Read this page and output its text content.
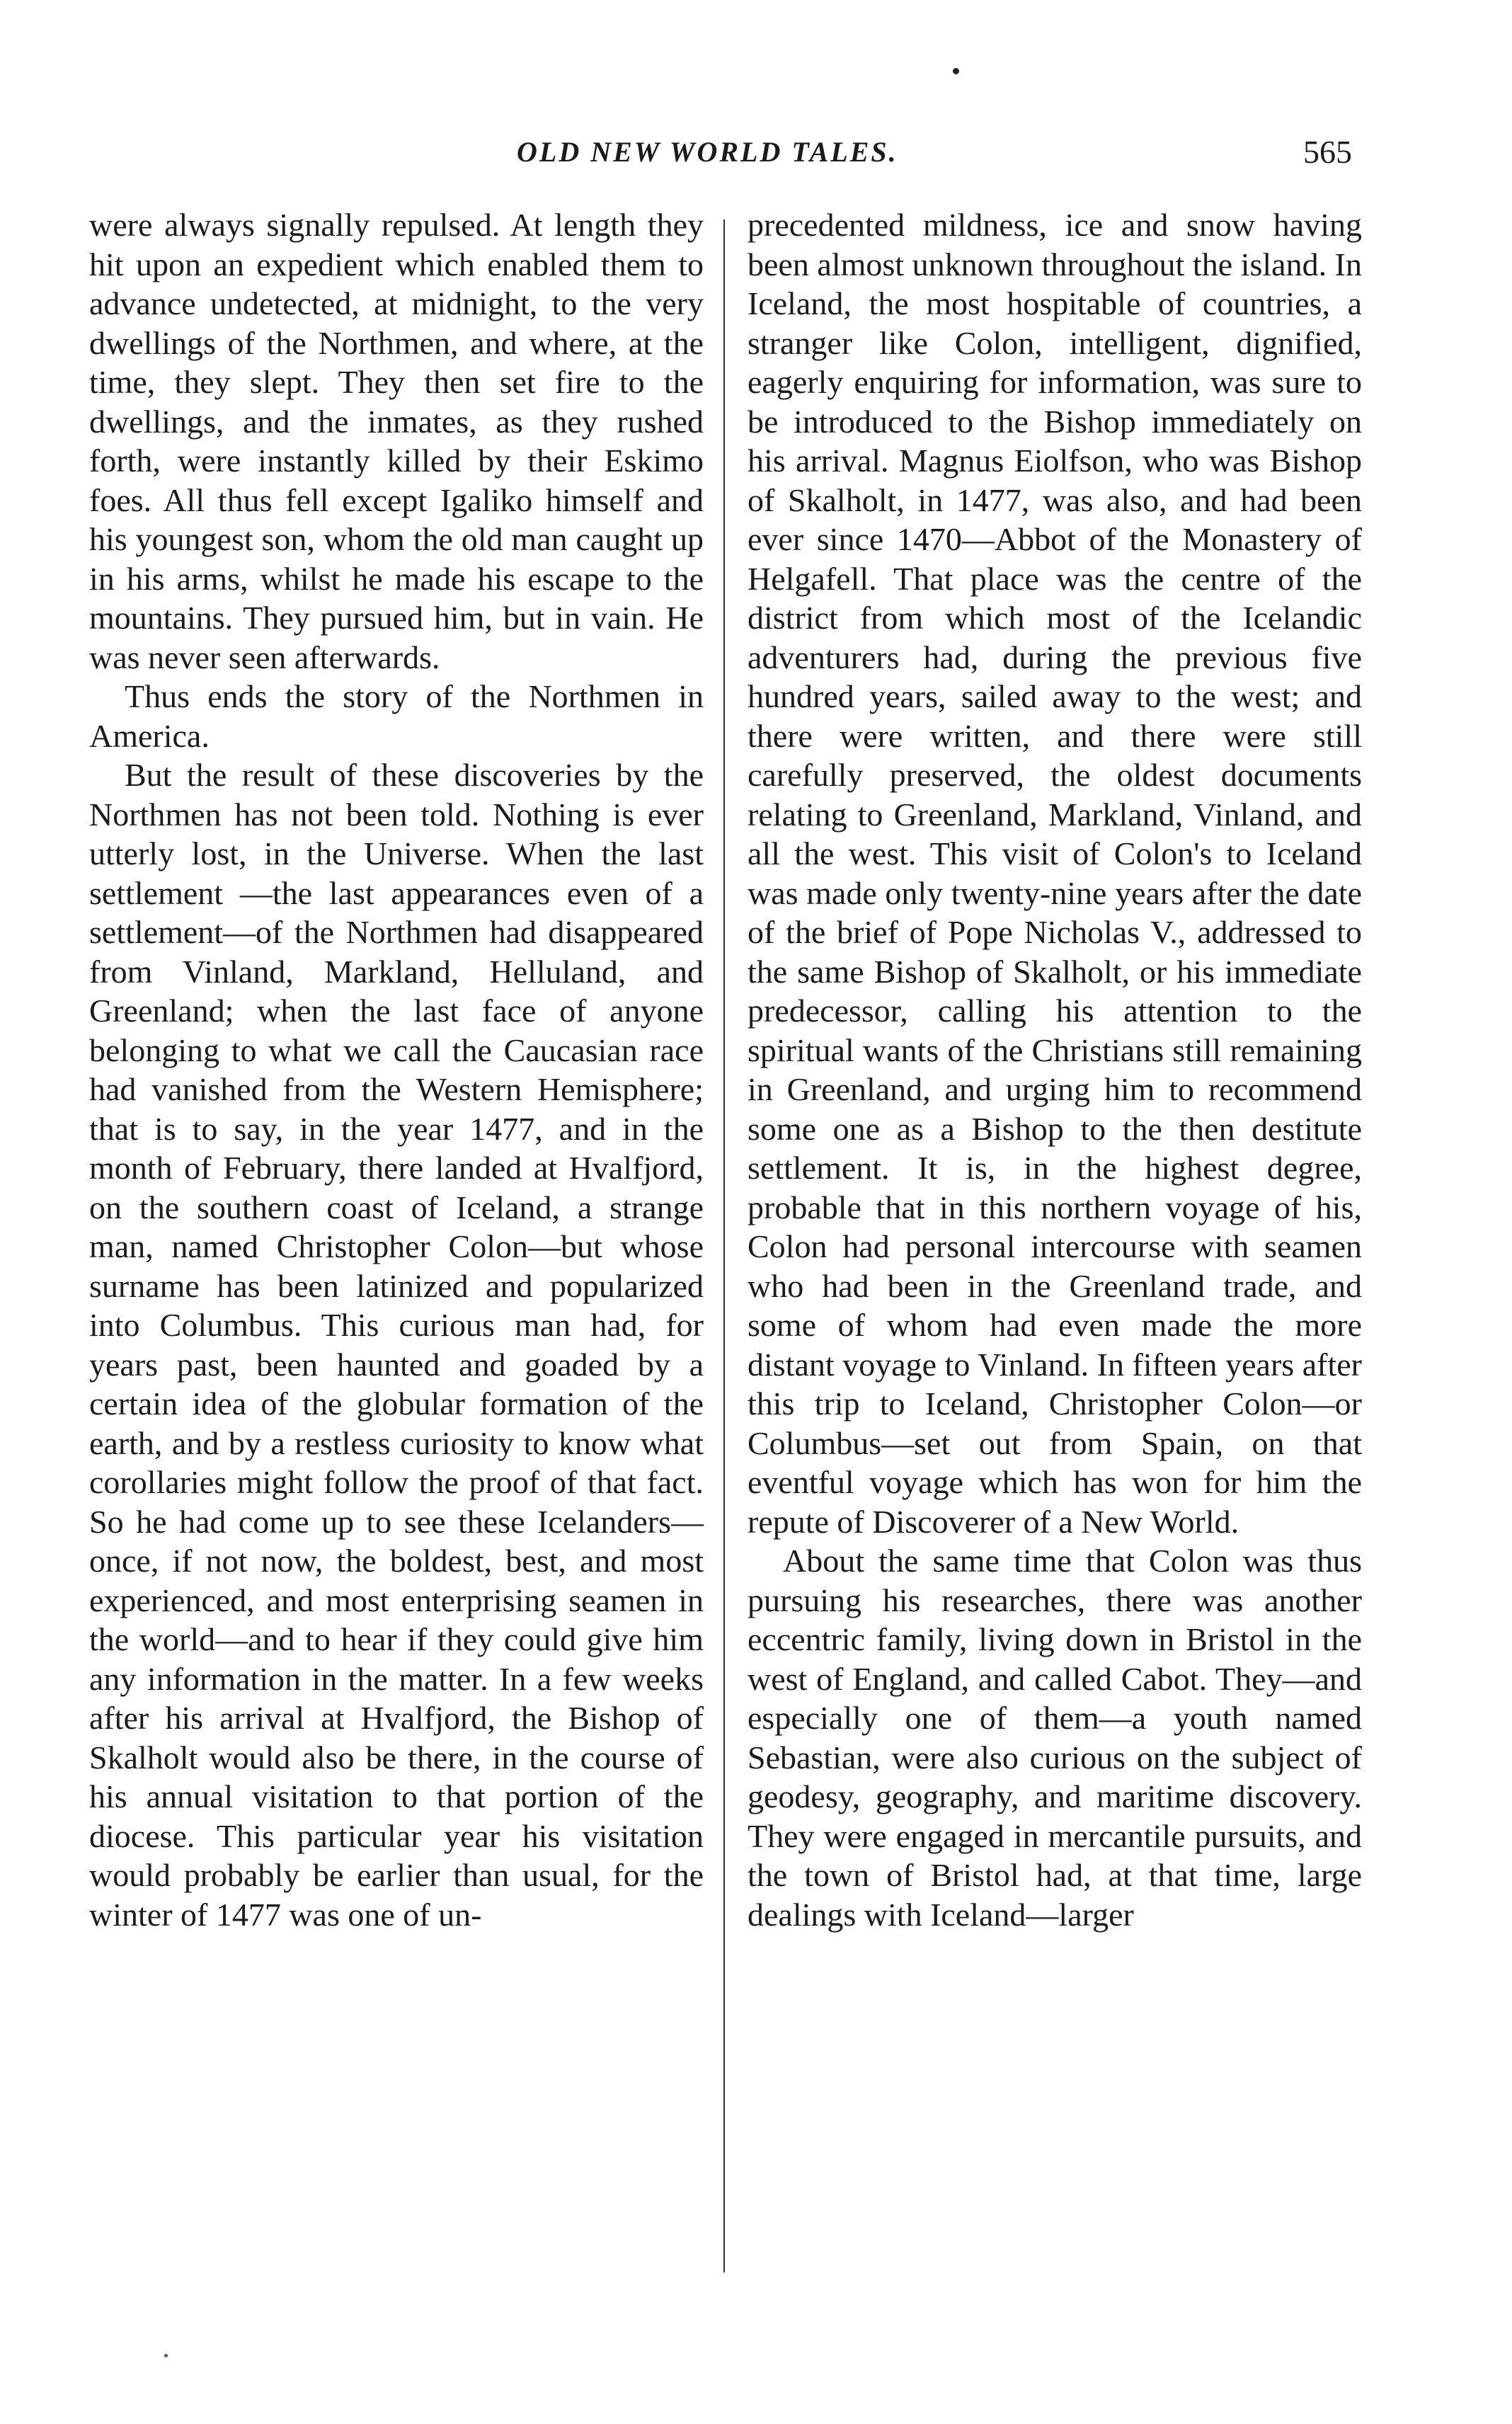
OLD NEW WORLD TALES.	565

were always signally repulsed. At length they hit upon an expedient which enabled them to advance undetected, at midnight, to the very dwellings of the Northmen, and where, at the time, they slept. They then set fire to the dwellings, and the inmates, as they rushed forth, were instantly killed by their Eskimo foes. All thus fell except Igaliko himself and his youngest son, whom the old man caught up in his arms, whilst he made his escape to the mountains. They pursued him, but in vain. He was never seen afterwards.

Thus ends the story of the Northmen in America.

But the result of these discoveries by the Northmen has not been told. Nothing is ever utterly lost, in the Universe. When the last settlement —the last appearances even of a settlement—of the Northmen had disappeared from Vinland, Markland, Helluland, and Greenland; when the last face of anyone belonging to what we call the Caucasian race had vanished from the Western Hemisphere; that is to say, in the year 1477, and in the month of February, there landed at Hvalfjord, on the southern coast of Iceland, a strange man, named Christopher Colon—but whose surname has been latinized and popularized into Columbus. This curious man had, for years past, been haunted and goaded by a certain idea of the globular formation of the earth, and by a restless curiosity to know what corollaries might follow the proof of that fact. So he had come up to see these Icelanders—once, if not now, the boldest, best, and most experienced, and most enterprising seamen in the world—and to hear if they could give him any information in the matter. In a few weeks after his arrival at Hvalfjord, the Bishop of Skalholt would also be there, in the course of his annual visitation to that portion of the diocese. This particular year his visitation would probably be earlier than usual, for the winter of 1477 was one of un-

precedented mildness, ice and snow having been almost unknown throughout the island. In Iceland, the most hospitable of countries, a stranger like Colon, intelligent, dignified, eagerly enquiring for information, was sure to be introduced to the Bishop immediately on his arrival. Magnus Eiolfson, who was Bishop of Skalholt, in 1477, was also, and had been ever since 1470—Abbot of the Monastery of Helgafell. That place was the centre of the district from which most of the Icelandic adventurers had, during the previous five hundred years, sailed away to the west; and there were written, and there were still carefully preserved, the oldest documents relating to Greenland, Markland, Vinland, and all the west. This visit of Colon's to Iceland was made only twenty-nine years after the date of the brief of Pope Nicholas V., addressed to the same Bishop of Skalholt, or his immediate predecessor, calling his attention to the spiritual wants of the Christians still remaining in Greenland, and urging him to recommend some one as a Bishop to the then destitute settlement. It is, in the highest degree, probable that in this northern voyage of his, Colon had personal intercourse with seamen who had been in the Greenland trade, and some of whom had even made the more distant voyage to Vinland. In fifteen years after this trip to Iceland, Christopher Colon—or Columbus—set out from Spain, on that eventful voyage which has won for him the repute of Discoverer of a New World.

About the same time that Colon was thus pursuing his researches, there was another eccentric family, living down in Bristol in the west of England, and called Cabot. They—and especially one of them—a youth named Sebastian, were also curious on the subject of geodesy, geography, and maritime discovery. They were engaged in mercantile pursuits, and the town of Bristol had, at that time, large dealings with Iceland—larger
